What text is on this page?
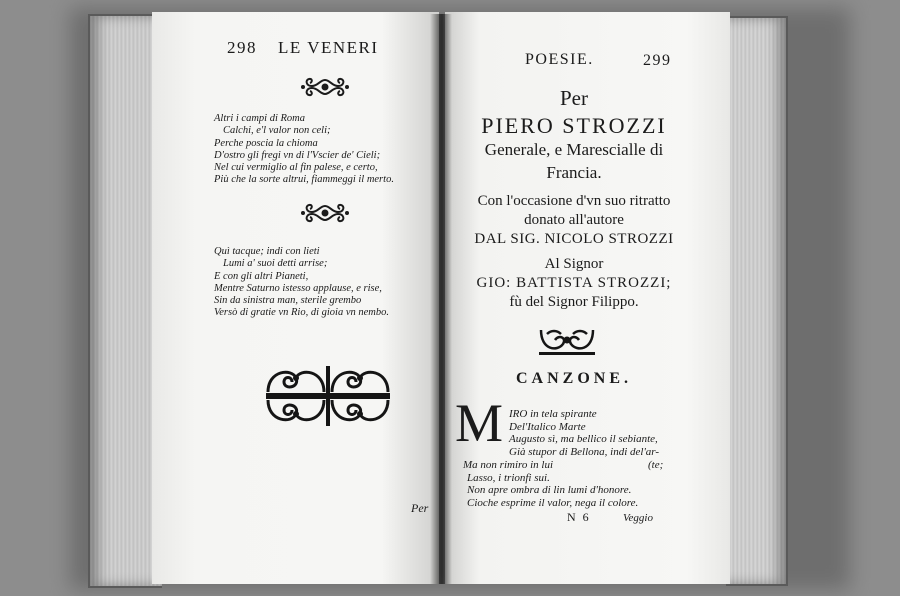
298 LE VENERI
Altri i campi di Roma
Calchi, e'l valor non celi;
Perche poscia la chioma
D'ostro gli fregi vn di l'Vscier de' Cieli;
Nel cui vermiglio al fin palese, e certo,
Più che la sorte altrui, fiammeggi il merto.
Quì tacque; indi con lieti
Lumi a' suoi detti arrise;
E con gli altri Pianeti,
Mentre Saturno istesso applause, e rise,
Sin da sinistra man, sterile grembo
Versò di gratie vn Rio, di gioia vn nembo.
Per
POESIE.	299
Per
PIERO STROZZI
Generale, e Marescialle di
Francia.
Con l'occasione d'vn suo ritratto
donato all'autore
DAL SIG. NICOLO STROZZI
Al Signor
GIO: BATTISTA STROZZI;
fù del Signor Filippo.
CANZONE.
M IRO in tela spirante
Del'Italico Marte
Augusto sì, ma bellico il sebiante,
Già stupor di Bellona, indi del'ar-
(te;
Ma non rimiro in lui
Lasso, i trionfi sui.
Non apre ombra di lin lumi d'honore.
Cioche esprime il valor, nega il colore.
N 6	Veggio
